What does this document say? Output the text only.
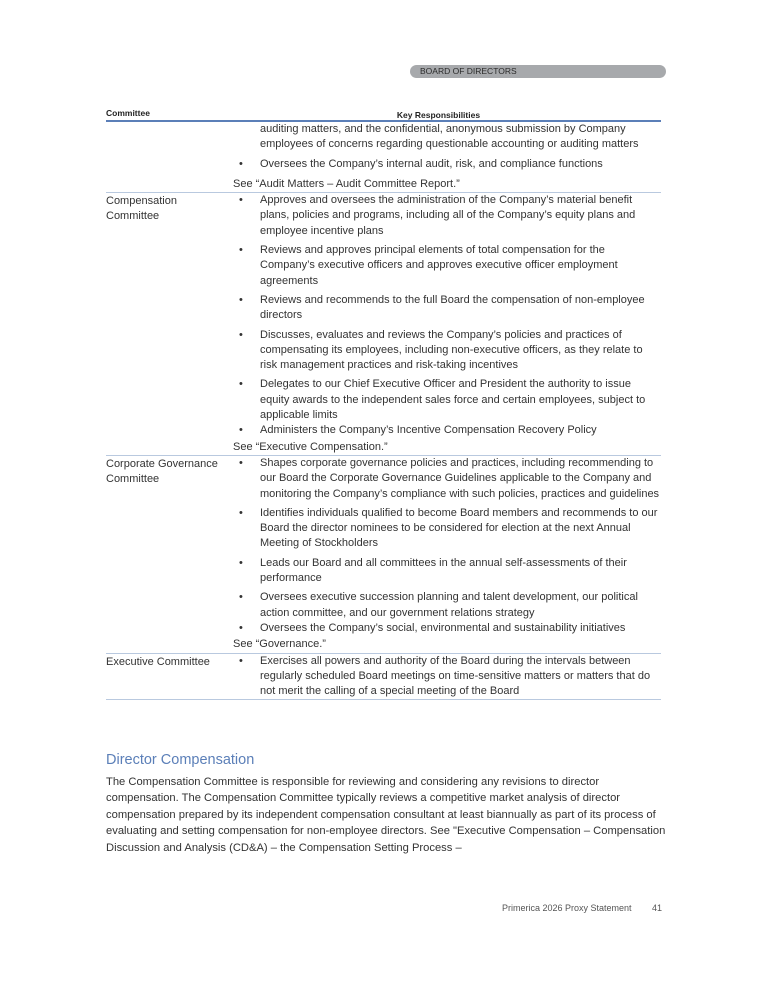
BOARD OF DIRECTORS
Committee	Key Responsibilities
auditing matters, and the confidential, anonymous submission by Company employees of concerns regarding questionable accounting or auditing matters
• Oversees the Company’s internal audit, risk, and compliance functions
See “Audit Matters – Audit Committee Report.”
Compensation Committee
• Approves and oversees the administration of the Company’s material benefit plans, policies and programs, including all of the Company’s equity plans and employee incentive plans
• Reviews and approves principal elements of total compensation for the Company’s executive officers and approves executive officer employment agreements
• Reviews and recommends to the full Board the compensation of non-employee directors
• Discusses, evaluates and reviews the Company’s policies and practices of compensating its employees, including non-executive officers, as they relate to risk management practices and risk-taking incentives
• Delegates to our Chief Executive Officer and President the authority to issue equity awards to the independent sales force and certain employees, subject to applicable limits
• Administers the Company’s Incentive Compensation Recovery Policy
See “Executive Compensation.”
Corporate Governance Committee
• Shapes corporate governance policies and practices, including recommending to our Board the Corporate Governance Guidelines applicable to the Company and monitoring the Company’s compliance with such policies, practices and guidelines
• Identifies individuals qualified to become Board members and recommends to our Board the director nominees to be considered for election at the next Annual Meeting of Stockholders
• Leads our Board and all committees in the annual self-assessments of their performance
• Oversees executive succession planning and talent development, our political action committee, and our government relations strategy
• Oversees the Company’s social, environmental and sustainability initiatives
See “Governance.”
Executive Committee	• Exercises all powers and authority of the Board during the intervals between regularly scheduled Board meetings on time-sensitive matters or matters that do not merit the calling of a special meeting of the Board
Director Compensation
The Compensation Committee is responsible for reviewing and considering any revisions to director compensation. The Compensation Committee typically reviews a competitive market analysis of director compensation prepared by its independent compensation consultant at least biannually as part of its process of evaluating and setting compensation for non-employee directors. See "Executive Compensation – Compensation Discussion and Analysis (CD&A) – the Compensation Setting Process –
Primerica 2026 Proxy Statement 41
